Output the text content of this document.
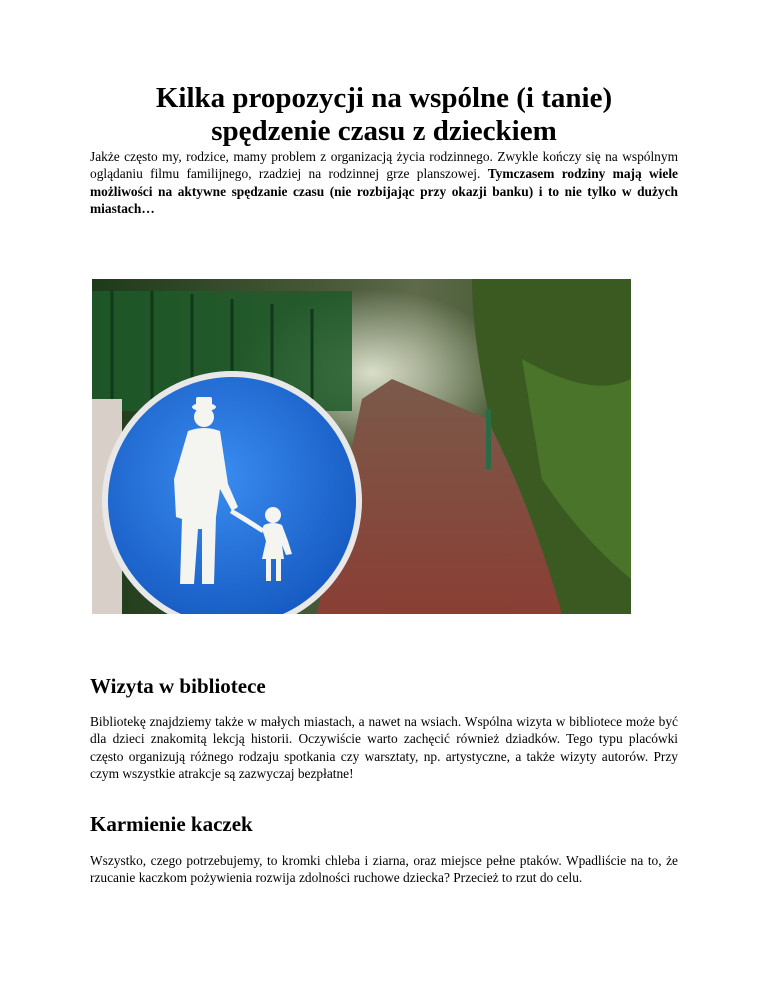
Kilka propozycji na wspólne (i tanie)
spędzenie czasu z dzieckiem

Jakże często my, rodzice, mamy problem z organizacją życia rodzinnego. Zwykle kończy się na wspólnym oglądaniu filmu familijnego, rzadziej na rodzinnej grze planszowej. Tymczasem rodziny mają wiele możliwości na aktywne spędzanie czasu (nie rozbijając przy okazji banku) i to nie tylko w dużych miastach…

Wizyta w bibliotece

Bibliotekę znajdziemy także w małych miastach, a nawet na wsiach. Wspólna wizyta w bibliotece może być dla dzieci znakomitą lekcją historii. Oczywiście warto zachęcić również dziadków. Tego typu placówki często organizują różnego rodzaju spotkania czy warsztaty, np. artystyczne, a także wizyty autorów. Przy czym wszystkie atrakcje są zazwyczaj bezpłatne!

Karmienie kaczek

Wszystko, czego potrzebujemy, to kromki chleba i ziarna, oraz miejsce pełne ptaków. Wpadliście na to, że rzucanie kaczkom pożywienia rozwija zdolności ruchowe dziecka? Przecież to rzut do celu.
